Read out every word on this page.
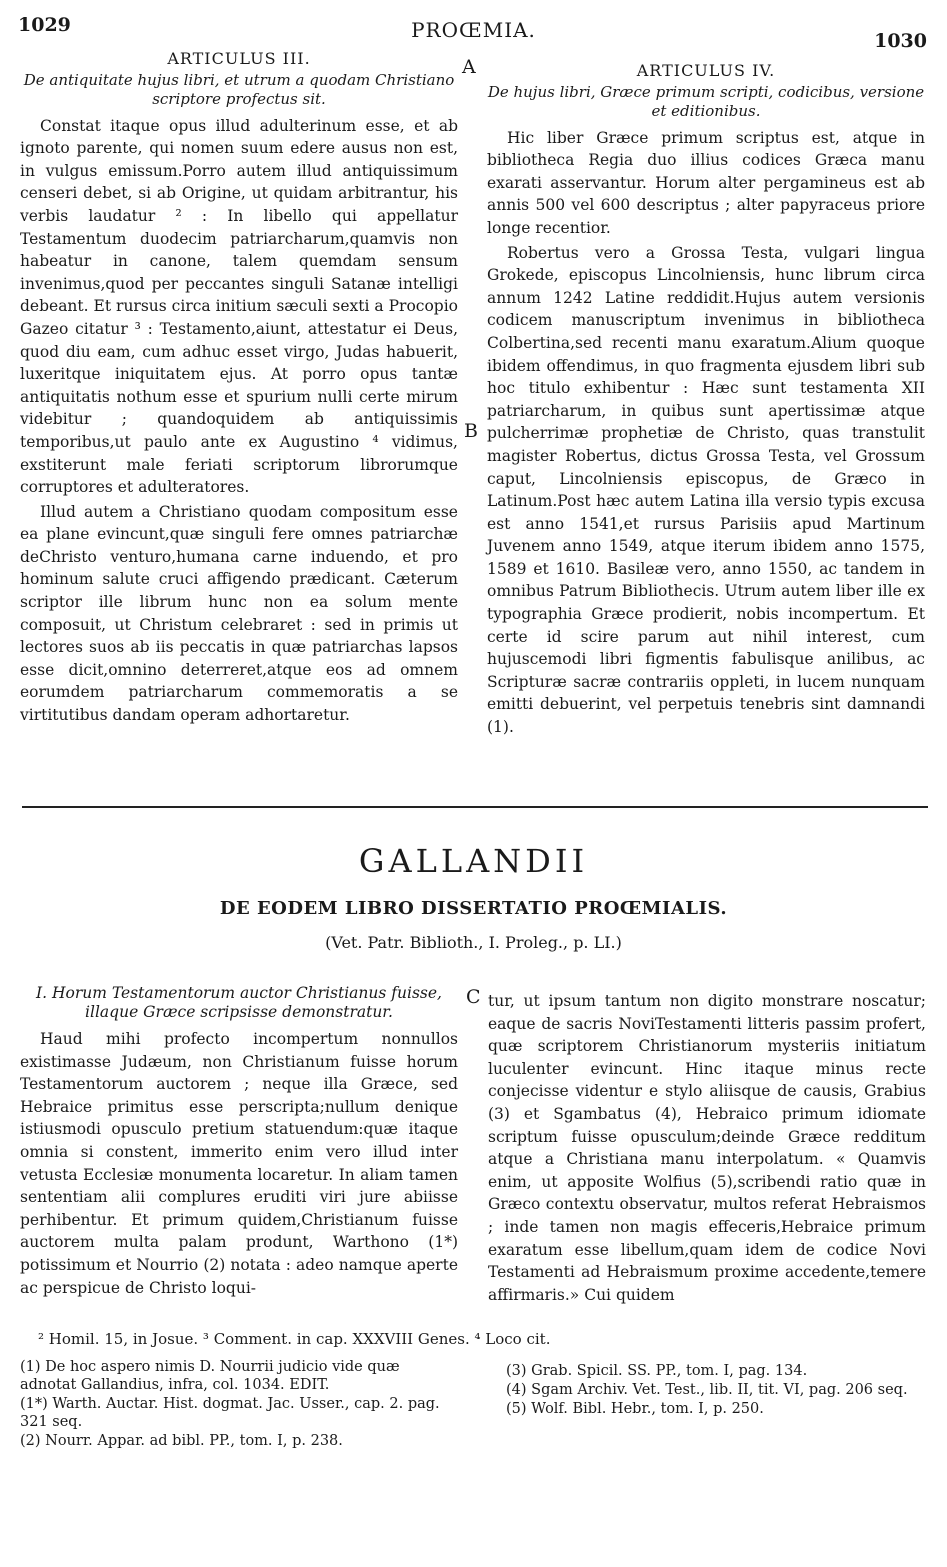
1029	PROŒMIA.	1030
A
B
C
ARTICULUS III.
De antiquitate hujus libri, et utrum a quodam Christiano scriptore profectus sit.

Constat itaque opus illud adulterinum esse, et ab ignoto parente, qui nomen suum edere ausus non est, in vulgus emissum.Porro autem illud antiquissimum censeri debet, si ab Origine, ut quidam arbitrantur, his verbis laudatur ² : In libello qui appellatur Testamentum duodecim patriarcharum,quamvis non habeatur in canone, talem quemdam sensum invenimus,quod per peccantes singuli Satanæ intelligi debeant. Et rursus circa initium sæculi sexti a Procopio Gazeo citatur ³ : Testamento,aiunt, attestatur ei Deus, quod diu eam, cum adhuc esset virgo, Judas habuerit, luxeritque iniquitatem ejus. At porro opus tantæ antiquitatis nothum esse et spurium nulli certe mirum videbitur ; quandoquidem ab antiquissimis temporibus,ut paulo ante ex Augustino ⁴ vidimus, exstiterunt male feriati scriptorum librorumque corruptores et adulteratores.

Illud autem a Christiano quodam compositum esse ea plane evincunt,quæ singuli fere omnes patriarchæ deChristo venturo,humana carne induendo, et pro hominum salute cruci affigendo prædicant. Cæterum scriptor ille librum hunc non ea solum mente composuit, ut Christum celebraret : sed in primis ut lectores suos ab iis peccatis in quæ patriarchas lapsos esse dicit,omnino deterreret,atque eos ad omnem eorumdem patriarcharum commemoratis a se virtitutibus dandam operam adhortaretur.

ARTICULUS IV.
De hujus libri, Græce primum scripti, codicibus, versione et editionibus.

Hic liber Græce primum scriptus est, atque in bibliotheca Regia duo illius codices Græca manu exarati asservantur. Horum alter pergamineus est ab annis 500 vel 600 descriptus ; alter papyraceus priore longe recentior.

Robertus vero a Grossa Testa, vulgari lingua Grokede, episcopus Lincolniensis, hunc librum circa annum 1242 Latine reddidit.Hujus autem versionis codicem manuscriptum invenimus in bibliotheca Colbertina,sed recenti manu exaratum.Alium quoque ibidem offendimus, in quo fragmenta ejusdem libri sub hoc titulo exhibentur : Hæc sunt testamenta XII patriarcharum, in quibus sunt apertissimæ atque pulcherrimæ prophetiæ de Christo, quas transtulit magister Robertus, dictus Grossa Testa, vel Grossum caput, Lincolniensis episcopus, de Græco in Latinum.Post hæc autem Latina illa versio typis excusa est anno 1541,et rursus Parisiis apud Martinum Juvenem anno 1549, atque iterum ibidem anno 1575, 1589 et 1610. Basileæ vero, anno 1550, ac tandem in omnibus Patrum Bibliothecis. Utrum autem liber ille ex typographia Græce prodierit, nobis incompertum. Et certe id scire parum aut nihil interest, cum hujuscemodi libri figmentis fabulisque anilibus, ac Scripturæ sacræ contrariis oppleti, in lucem nunquam emitti debuerint, vel perpetuis tenebris sint damnandi (1).

GALLANDII
DE EODEM LIBRO DISSERTATIO PROŒMIALIS.
(Vet. Patr. Biblioth., I. Proleg., p. LI.)
I. Horum Testamentorum auctor Christianus fuisse, illaque Græce scripsisse demonstratur.

Haud mihi profecto incompertum nonnullos existimasse Judæum, non Christianum fuisse horum Testamentorum auctorem ; neque illa Græce, sed Hebraice primitus esse perscripta;nullum denique istiusmodi opusculo pretium statuendum:quæ itaque omnia si constent, immerito enim vero illud inter vetusta Ecclesiæ monumenta locaretur. In aliam tamen sententiam alii complures eruditi viri jure abiisse perhibentur. Et primum quidem,Christianum fuisse auctorem multa palam produnt, Warthono (1*) potissimum et Nourrio (2) notata : adeo namque aperte ac perspicue de Christo loqui-

tur, ut ipsum tantum non digito monstrare noscatur; eaque de sacris NoviTestamenti litteris passim profert, quæ scriptorem Christianorum mysteriis initiatum luculenter evincunt. Hinc itaque minus recte conjecisse videntur e stylo aliisque de causis, Grabius (3) et Sgambatus (4), Hebraico primum idiomate scriptum fuisse opusculum;deinde Græce redditum atque a Christiana manu interpolatum. « Quamvis enim, ut apposite Wolfius (5),scribendi ratio quæ in Græco contextu observatur, multos referat Hebraismos ; inde tamen non magis effeceris,Hebraice primum exaratum esse libellum,quam idem de codice Novi Testamenti ad Hebraismum proxime accedente,temere affirmaris.» Cui quidem

² Homil. 15, in Josue. ³ Comment. in cap. XXXVIII Genes. ⁴ Loco cit.
(1) De hoc aspero nimis D. Nourrii judicio vide quæ adnotat Gallandius, infra, col. 1034. EDIT.
(1*) Warth. Auctar. Hist. dogmat. Jac. Usser., cap. 2. pag. 321 seq.
(2) Nourr. Appar. ad bibl. PP., tom. I, p. 238.
(3) Grab. Spicil. SS. PP., tom. I, pag. 134.
(4) Sgam Archiv. Vet. Test., lib. II, tit. VI, pag. 206 seq.
(5) Wolf. Bibl. Hebr., tom. I, p. 250.
